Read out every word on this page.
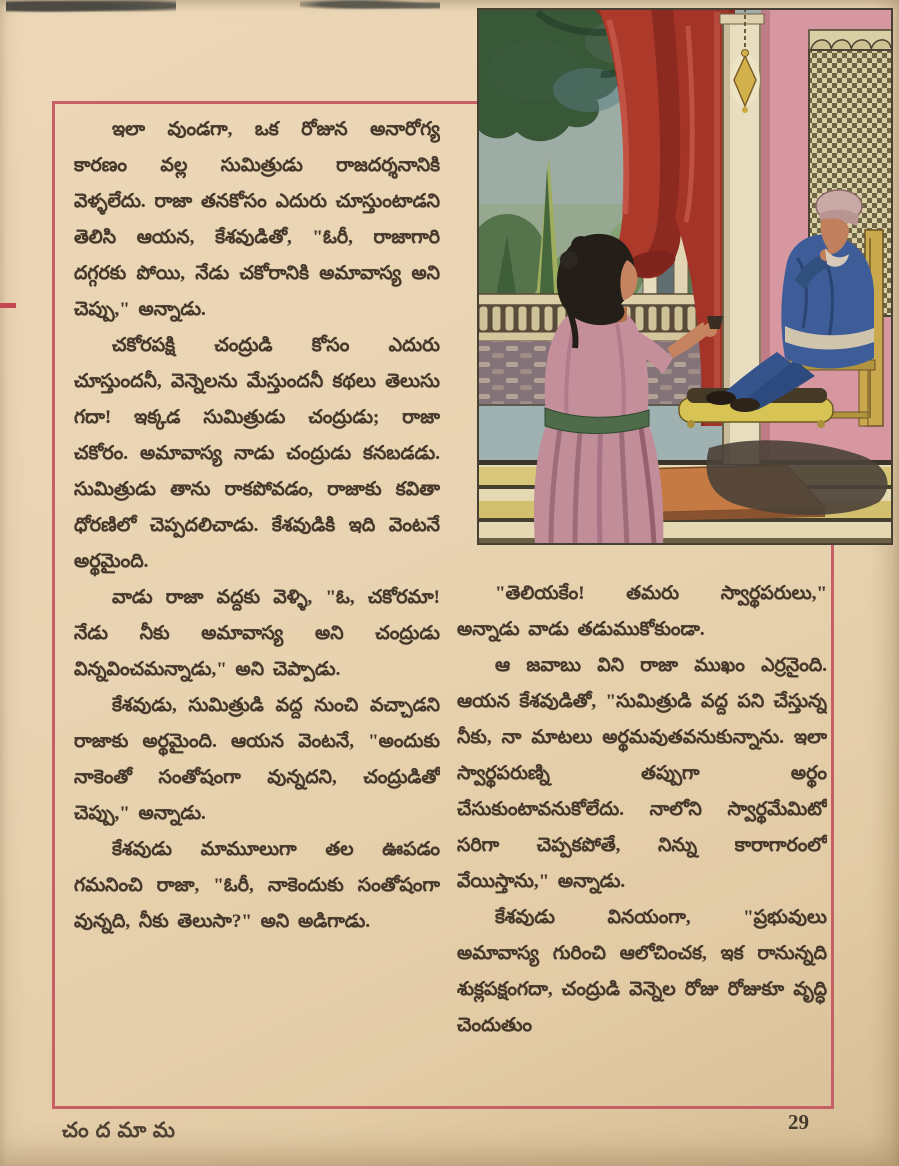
ఇలా వుండగా, ఒక రోజున అనారోగ్య కారణం వల్ల సుమిత్రుడు రాజదర్శనానికి వెళ్ళలేదు. రాజా తనకోసం ఎదురు చూస్తుంటాడని తెలిసి ఆయన, కేశవుడితో, "ఓరీ, రాజాగారి దగ్గరకు పోయి, నేడు చకోరానికి అమావాస్య అని చెప్పు," అన్నాడు.

చకోరపక్షి చంద్రుడి కోసం ఎదురు చూస్తుందనీ, వెన్నెలను మేస్తుందనీ కథలు తెలుసు గదా! ఇక్కడ సుమిత్రుడు చంద్రుడు; రాజా చకోరం. అమావాస్య నాడు చంద్రుడు కనబడడు. సుమిత్రుడు తాను రాకపోవడం, రాజాకు కవితా ధోరణిలో చెప్పదలిచాడు. కేశవుడికి ఇది వెంటనే అర్థమైంది.

వాడు రాజా వద్దకు వెళ్ళి, "ఓ, చకోరమా! నేడు నీకు అమావాస్య అని చంద్రుడు విన్నవించమన్నాడు," అని చెప్పాడు.

కేశవుడు, సుమిత్రుడి వద్ద నుంచి వచ్చాడని రాజాకు అర్థమైంది. ఆయన వెంటనే, "అందుకు నాకెంతో సంతోషంగా వున్నదని, చంద్రుడితో చెప్పు," అన్నాడు.

కేశవుడు మామూలుగా తల ఊపడం గమనించి రాజా, "ఓరీ, నాకెందుకు సంతోషంగా వున్నది, నీకు తెలుసా?" అని అడిగాడు.

"తెలియకేం! తమరు స్వార్థపరులు," అన్నాడు వాడు తడుముకోకుండా.

ఆ జవాబు విని రాజా ముఖం ఎర్రనైంది. ఆయన కేశవుడితో, "సుమిత్రుడి వద్ద పని చేస్తున్న నీకు, నా మాటలు అర్థమవుతవనుకున్నాను. ఇలా స్వార్థపరుణ్ని తప్పుగా అర్థం చేసుకుంటావనుకోలేదు. నాలోని స్వార్థమేమిటో సరిగా చెప్పకపోతే, నిన్ను కారాగారంలో వేయిస్తాను," అన్నాడు.

కేశవుడు వినయంగా, "ప్రభువులు అమావాస్య గురించి ఆలోచించక, ఇక రానున్నది శుక్లపక్షంగదా, చంద్రుడి వెన్నెల రోజు రోజుకూ వృద్ధి చెందుతుం

చందమామ	29
